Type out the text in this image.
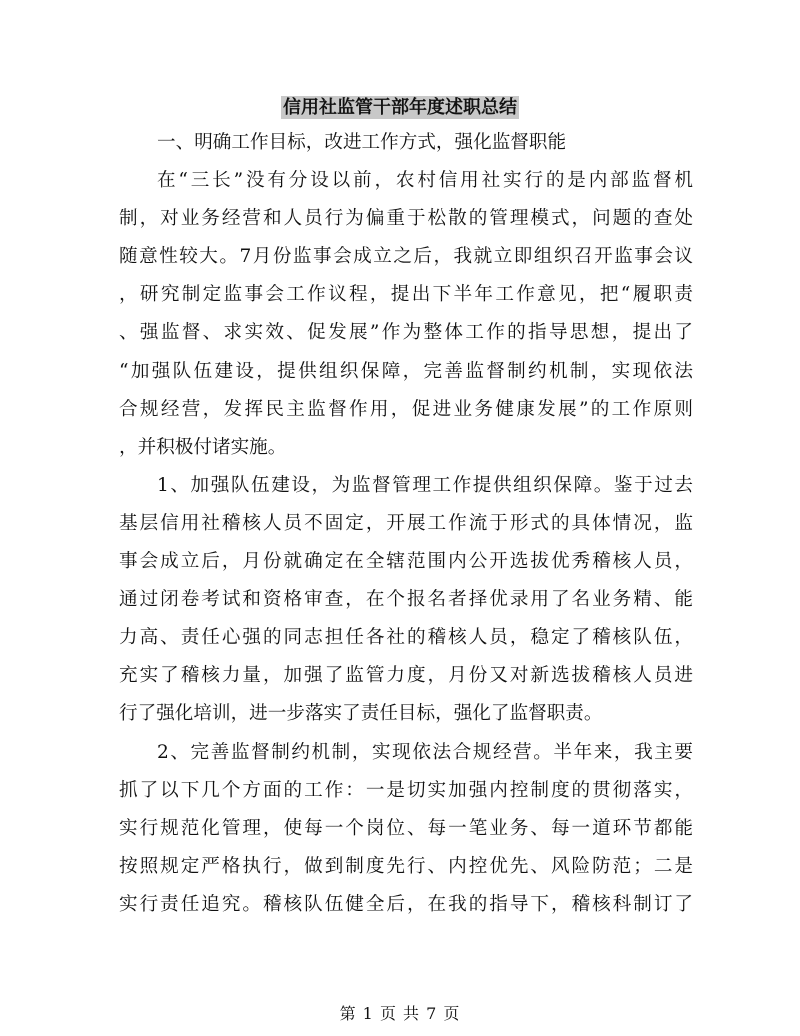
信用社监管干部年度述职总结
一、明确工作目标，改进工作方式，强化监督职能
在“三长”没有分设以前，农村信用社实行的是内部监督机
制，对业务经营和人员行为偏重于松散的管理模式，问题的查处
随意性较大。7月份监事会成立之后，我就立即组织召开监事会议
，研究制定监事会工作议程，提出下半年工作意见，把“履职责
、强监督、求实效、促发展”作为整体工作的指导思想，提出了
“加强队伍建设，提供组织保障，完善监督制约机制，实现依法
合规经营，发挥民主监督作用，促进业务健康发展”的工作原则
，并积极付诸实施。
1、加强队伍建设，为监督管理工作提供组织保障。鉴于过去
基层信用社稽核人员不固定，开展工作流于形式的具体情况，监
事会成立后，月份就确定在全辖范围内公开选拔优秀稽核人员，
通过闭卷考试和资格审查，在个报名者择优录用了名业务精、能
力高、责任心强的同志担任各社的稽核人员，稳定了稽核队伍，
充实了稽核力量，加强了监管力度，月份又对新选拔稽核人员进
行了强化培训，进一步落实了责任目标，强化了监督职责。
2、完善监督制约机制，实现依法合规经营。半年来，我主要
抓了以下几个方面的工作：一是切实加强内控制度的贯彻落实，
实行规范化管理，使每一个岗位、每一笔业务、每一道环节都能
按照规定严格执行，做到制度先行、内控优先、风险防范；二是
实行责任追究。稽核队伍健全后，在我的指导下，稽核科制订了
第 1 页 共 7 页
